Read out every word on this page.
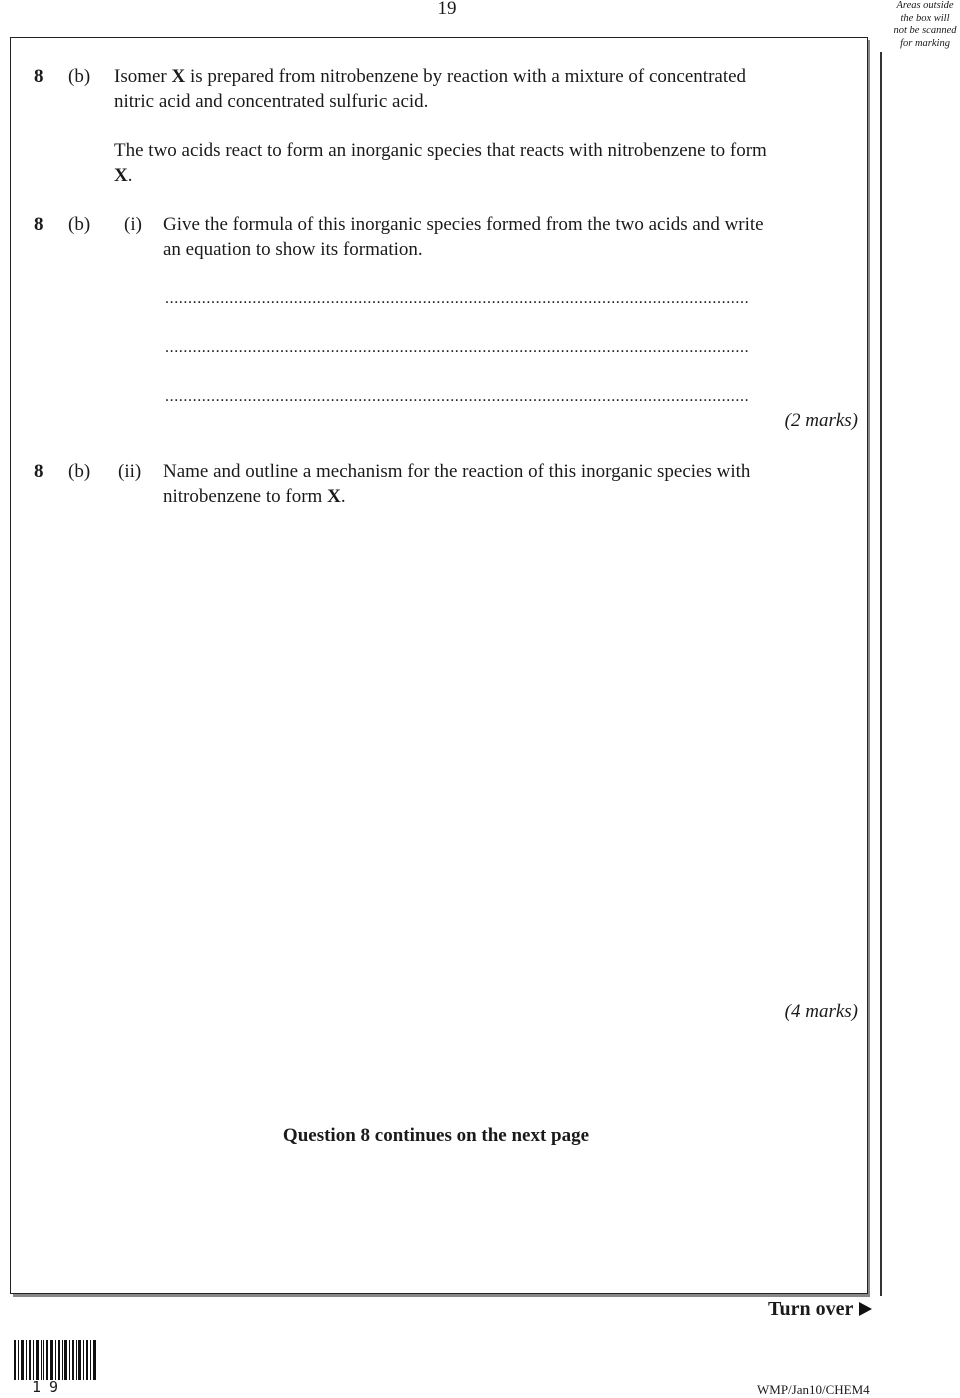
19	Areas outside
the box will
not be scanned
for marking
8 (b) Isomer X is prepared from nitrobenzene by reaction with a mixture of concentrated
nitric acid and concentrated sulfuric acid.
The two acids react to form an inorganic species that reacts with nitrobenzene to form
X.
8 (b) (i) Give the formula of this inorganic species formed from the two acids and write
an equation to show its formation.
...............................................................................................................................
...............................................................................................................................
...............................................................................................................................
(2 marks)
8 (b) (ii) Name and outline a mechanism for the reaction of this inorganic species with
nitrobenzene to form X.
(4 marks)
Question 8 continues on the next page
Turn over
19	WMP/Jan10/CHEM4
